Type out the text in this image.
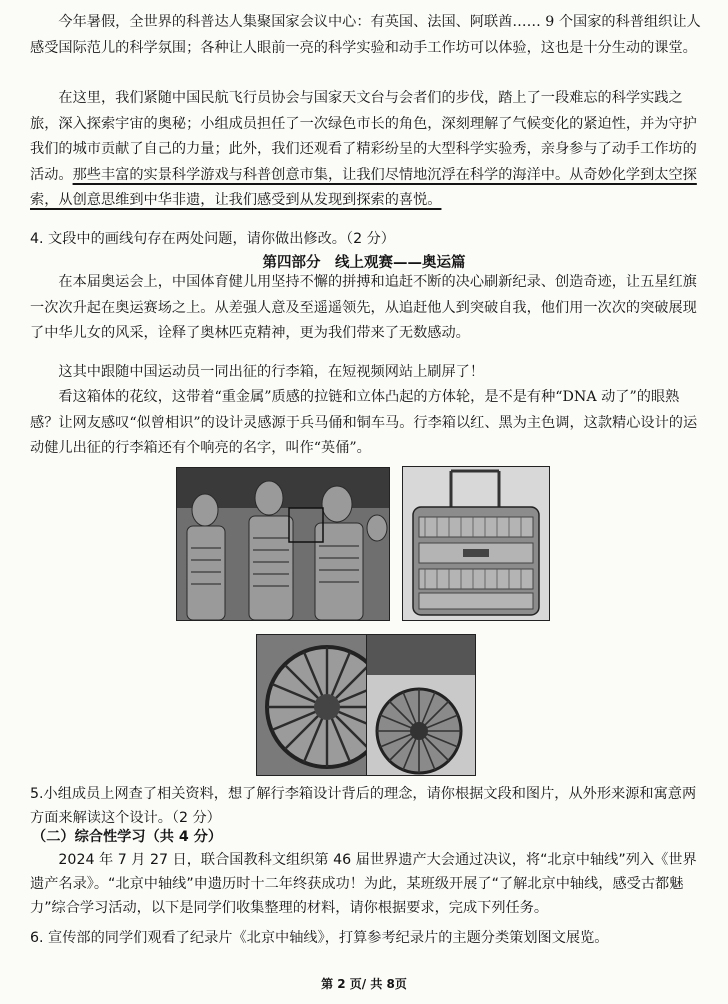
今年暑假，全世界的科普达人集聚国家会议中心：有英国、法国、阿联酋…… 9 个国家的科普组织让人感受国际范儿的科学氛围；各种让人眼前一亮的科学实验和动手工作坊可以体验，这也是十分生动的课堂。

在这里，我们紧随中国民航飞行员协会与国家天文台与会者们的步伐，踏上了一段难忘的科学实践之旅，深入探索宇宙的奥秘；小组成员担任了一次绿色市长的角色，深刻理解了气候变化的紧迫性，并为守护我们的城市贡献了自己的力量；此外，我们还观看了精彩纷呈的大型科学实验秀，亲身参与了动手工作坊的活动。那些丰富的实景科学游戏与科普创意市集，让我们尽情地沉浮在科学的海洋中。从奇妙化学到太空探索，从创意思维到中华非遗，让我们感受到从发现到探索的喜悦。

4. 文段中的画线句存在两处问题，请你做出修改。（2 分）

第四部分　线上观赛——奥运篇

在本届奥运会上，中国体育健儿用坚持不懈的拼搏和追赶不断的决心刷新纪录、创造奇迹，让五星红旗一次次升起在奥运赛场之上。从差强人意及至遥遥领先，从追赶他人到突破自我，他们用一次次的突破展现了中华儿女的风采，诠释了奥林匹克精神，更为我们带来了无数感动。

这其中跟随中国运动员一同出征的行李箱，在短视频网站上刷屏了！

看这箱体的花纹，这带着“重金属”质感的拉链和立体凸起的方体轮，是不是有种“DNA 动了”的眼熟感？让网友感叹“似曾相识”的设计灵感源于兵马俑和铜车马。行李箱以红、黑为主色调，这款精心设计的运动健儿出征的行李箱还有个响亮的名字，叫作“英俑”。

5.小组成员上网查了相关资料，想了解行李箱设计背后的理念，请你根据文段和图片，从外形来源和寓意两方面来解读这个设计。（2 分）

（二）综合性学习（共 4 分）

2024 年 7 月 27 日，联合国教科文组织第 46 届世界遗产大会通过决议，将“北京中轴线”列入《世界遗产名录》。“北京中轴线”申遗历时十二年终获成功！为此，某班级开展了“了解北京中轴线，感受古都魅力”综合学习活动，以下是同学们收集整理的材料，请你根据要求，完成下列任务。

6. 宣传部的同学们观看了纪录片《北京中轴线》，打算参考纪录片的主题分类策划图文展览。

第 2 页/ 共 8页
